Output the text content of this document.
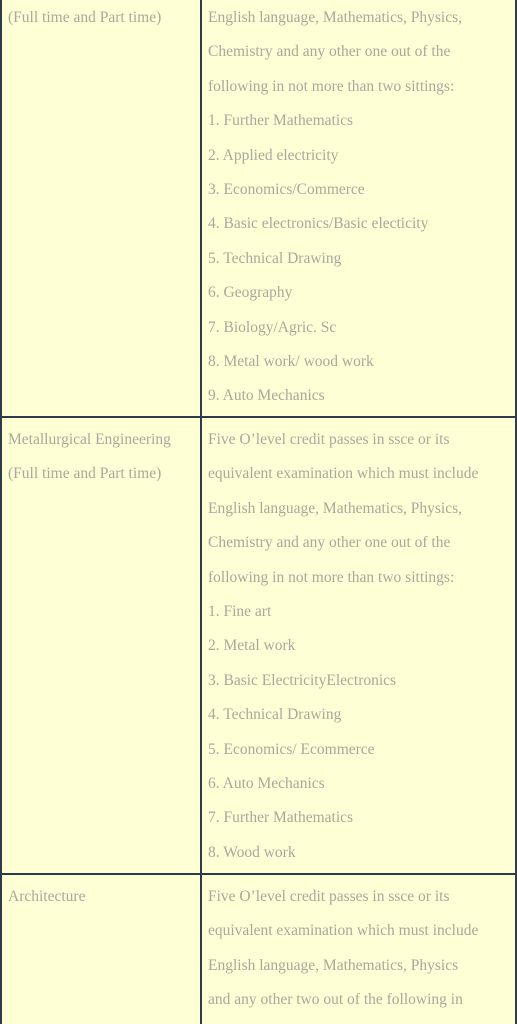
(Full time and Part time)	English language, Mathematics, Physics,
Chemistry and any other one out of the
following in not more than two sittings:
1. Further Mathematics
2. Applied electricity
3. Economics/Commerce
4. Basic electronics/Basic electicity
5. Technical Drawing
6. Geography
7. Biology/Agric. Sc
8. Metal work/ wood work
9. Auto Mechanics
Metallurgical Engineering
(Full time and Part time)
Five O’level credit passes in ssce or its
equivalent examination which must include
English language, Mathematics, Physics,
Chemistry and any other one out of the
following in not more than two sittings:
1. Fine art
2. Metal work
3. Basic ElectricityElectronics
4. Technical Drawing
5. Economics/ Ecommerce
6. Auto Mechanics
7. Further Mathematics
8. Wood work
Architecture	Five O’level credit passes in ssce or its
equivalent examination which must include
English language, Mathematics, Physics
and any other two out of the following in
